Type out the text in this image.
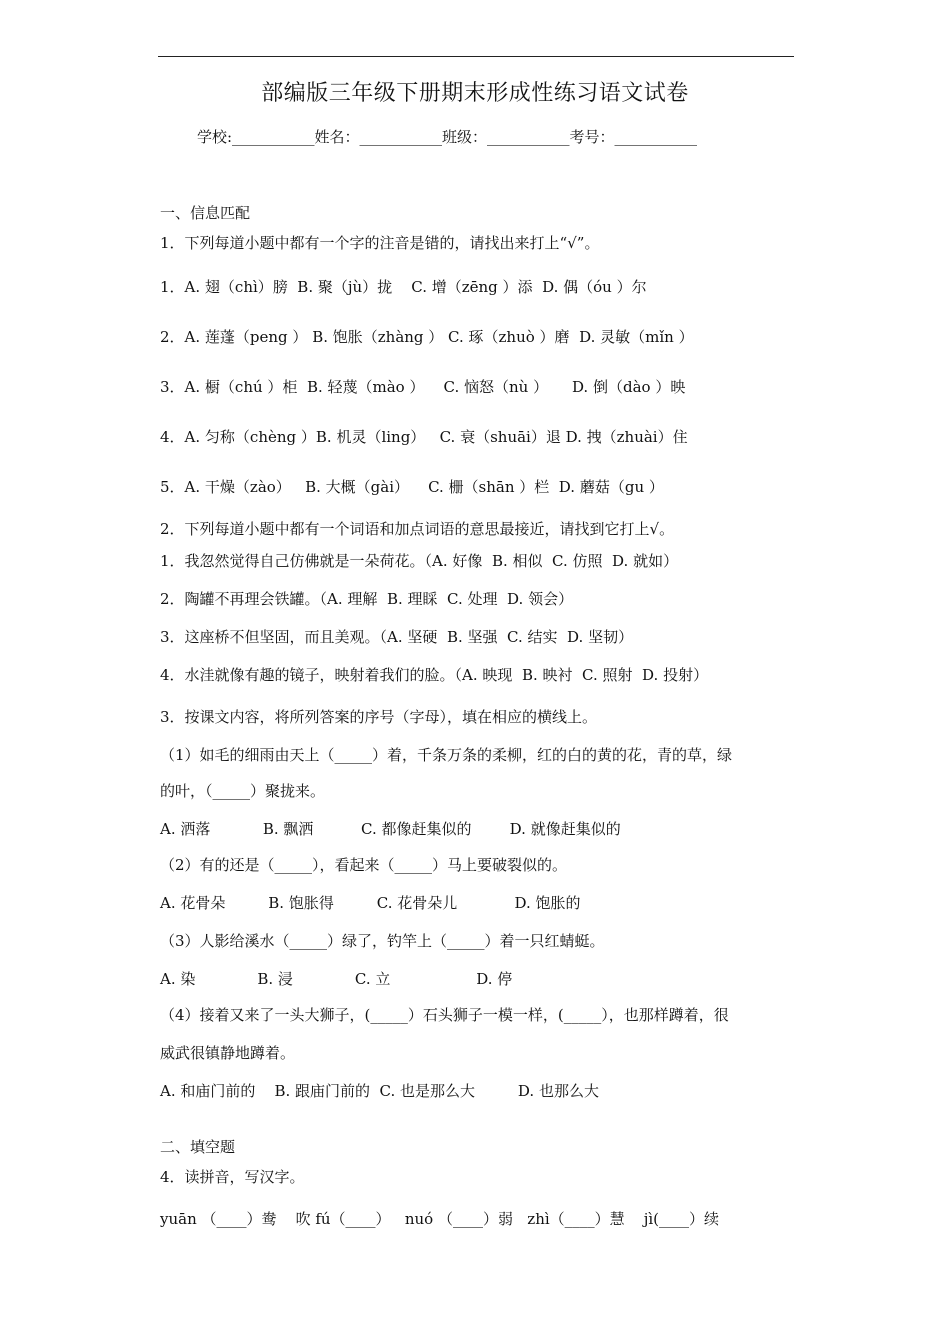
部编版三年级下册期末形成性练习语文试卷
学校:___________姓名：___________班级：___________考号：___________
一、信息匹配
1．下列每道小题中都有一个字的注音是错的，请找出来打上“√”。
1．A. 翅（chì）膀  B. 聚（jù）拢    C. 增（zēng ）添  D. 偶（óu ）尔
2．A. 莲蓬（peng ） B. 饱胀（zhàng ） C. 琢（zhuò ）磨  D. 灵敏（mǐn ）
3．A. 橱（chú ）柜  B. 轻蔑（mào ）    C. 恼怒（nù ）     D. 倒（dào ）映
4．A. 匀称（chèng ）B. 机灵（ling）   C. 衰（shuāi）退 D. 拽（zhuài）住
5．A. 干燥（zào）   B. 大概（gài）    C. 栅（shān ）栏  D. 蘑菇（gu ）
2．下列每道小题中都有一个词语和加点词语的意思最接近，请找到它打上√。
1．我忽然觉得自己仿佛就是一朵荷花。（A. 好像  B. 相似  C. 仿照  D. 就如）
2．陶罐不再理会铁罐。（A. 理解  B. 理睬  C. 处理  D. 领会）
3．这座桥不但坚固，而且美观。（A. 坚硬  B. 坚强  C. 结实  D. 坚韧）
4．水洼就像有趣的镜子，映射着我们的脸。（A. 映现  B. 映衬  C. 照射  D. 投射）
3．按课文内容，将所列答案的序号（字母），填在相应的横线上。
（1）如毛的细雨由天上（_____）着，千条万条的柔柳，红的白的黄的花，青的草，绿
的叶，（_____）聚拢来。
A. 洒落           B. 飘洒          C. 都像赶集似的        D. 就像赶集似的
（2）有的还是（_____），看起来（_____）马上要破裂似的。
A. 花骨朵         B. 饱胀得         C. 花骨朵儿            D. 饱胀的
（3）人影给溪水（_____）绿了，钓竿上（_____）着一只红蜻蜓。
A. 染             B. 浸             C. 立                  D. 停
（4）接着又来了一头大狮子，(_____）石头狮子一模一样，(_____），也那样蹲着，很
威武很镇静地蹲着。
A. 和庙门前的    B. 跟庙门前的  C. 也是那么大         D. 也那么大
二、填空题
4．读拼音，写汉字。
yuān （____）鸯    吹 fú（____）   nuó （____）弱   zhì（____）慧    jì(____）续
